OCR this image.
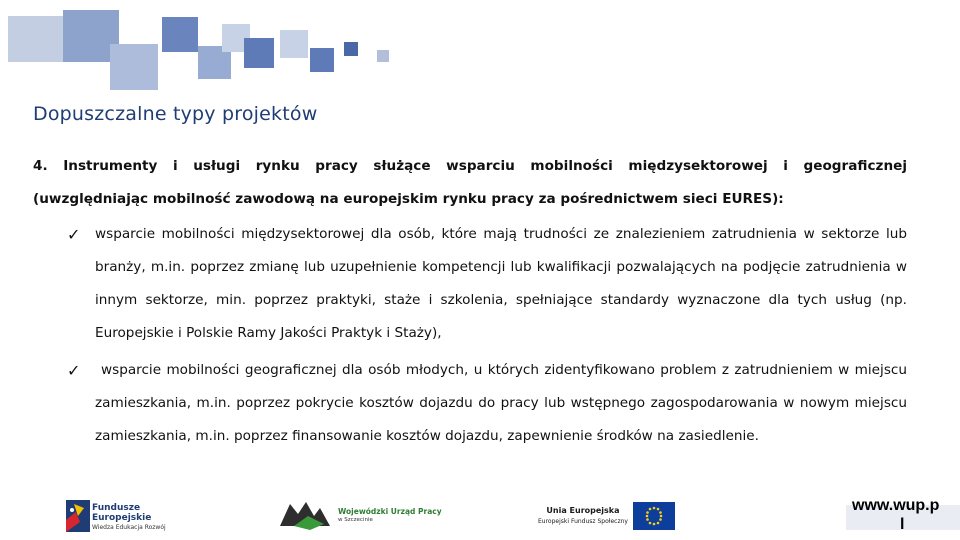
Dopuszczalne typy projektów
4. Instrumenty i usługi rynku pracy służące wsparciu mobilności międzysektorowej i geograficznej (uwzględniając mobilność zawodową na europejskim rynku pracy za pośrednictwem sieci EURES):
✓ wsparcie mobilności międzysektorowej dla osób, które mają trudności ze znalezieniem zatrudnienia w sektorze lub branży, m.in. poprzez zmianę lub uzupełnienie kompetencji lub kwalifikacji pozwalających na podjęcie zatrudnienia w innym sektorze, min. poprzez praktyki, staże i szkolenia, spełniające standardy wyznaczone dla tych usług (np. Europejskie i Polskie Ramy Jakości Praktyk i Staży),
✓	wsparcie mobilności geograficznej dla osób młodych, u których zidentyfikowano problem z zatrudnieniem w miejscu zamieszkania, m.in. poprzez pokrycie kosztów dojazdu do pracy lub wstępnego zagospodarowania w nowym miejscu zamieszkania, m.in. poprzez finansowanie kosztów dojazdu, zapewnienie środków na zasiedlenie.
Fundusze
Europejskie
Wiedza Edukacja Rozwój
Wojewódzki Urząd Pracy
w Szczecinie
Unia Europejska
Europejski Fundusz Społeczny
www.wup.p
l
